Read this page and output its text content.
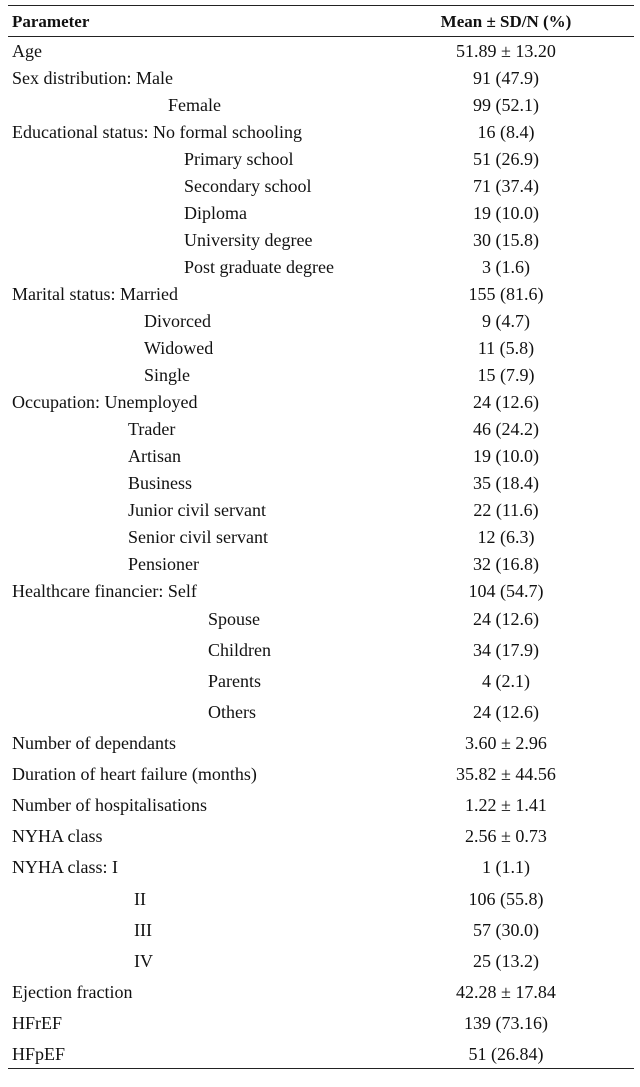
Parameter	Mean ± SD/N (%)
Age	51.89 ± 13.20
Sex distribution: Male	91 (47.9)
Female	99 (52.1)
Educational status: No formal schooling	16 (8.4)
Primary school	51 (26.9)
Secondary school	71 (37.4)
Diploma	19 (10.0)
University degree	30 (15.8)
Post graduate degree	3 (1.6)
Marital status: Married	155 (81.6)
Divorced	9 (4.7)
Widowed	11 (5.8)
Single	15 (7.9)
Occupation: Unemployed	24 (12.6)
Trader	46 (24.2)
Artisan	19 (10.0)
Business	35 (18.4)
Junior civil servant	22 (11.6)
Senior civil servant	12 (6.3)
Pensioner	32 (16.8)
Healthcare financier: Self	104 (54.7)
Spouse	24 (12.6)
Children	34 (17.9)
Parents	4 (2.1)
Others	24 (12.6)
Number of dependants	3.60 ± 2.96
Duration of heart failure (months)	35.82 ± 44.56
Number of hospitalisations	1.22 ± 1.41
NYHA class	2.56 ± 0.73
NYHA class: I	1 (1.1)
II	106 (55.8)
III	57 (30.0)
IV	25 (13.2)
Ejection fraction	42.28 ± 17.84
HFrEF	139 (73.16)
HFpEF	51 (26.84)
